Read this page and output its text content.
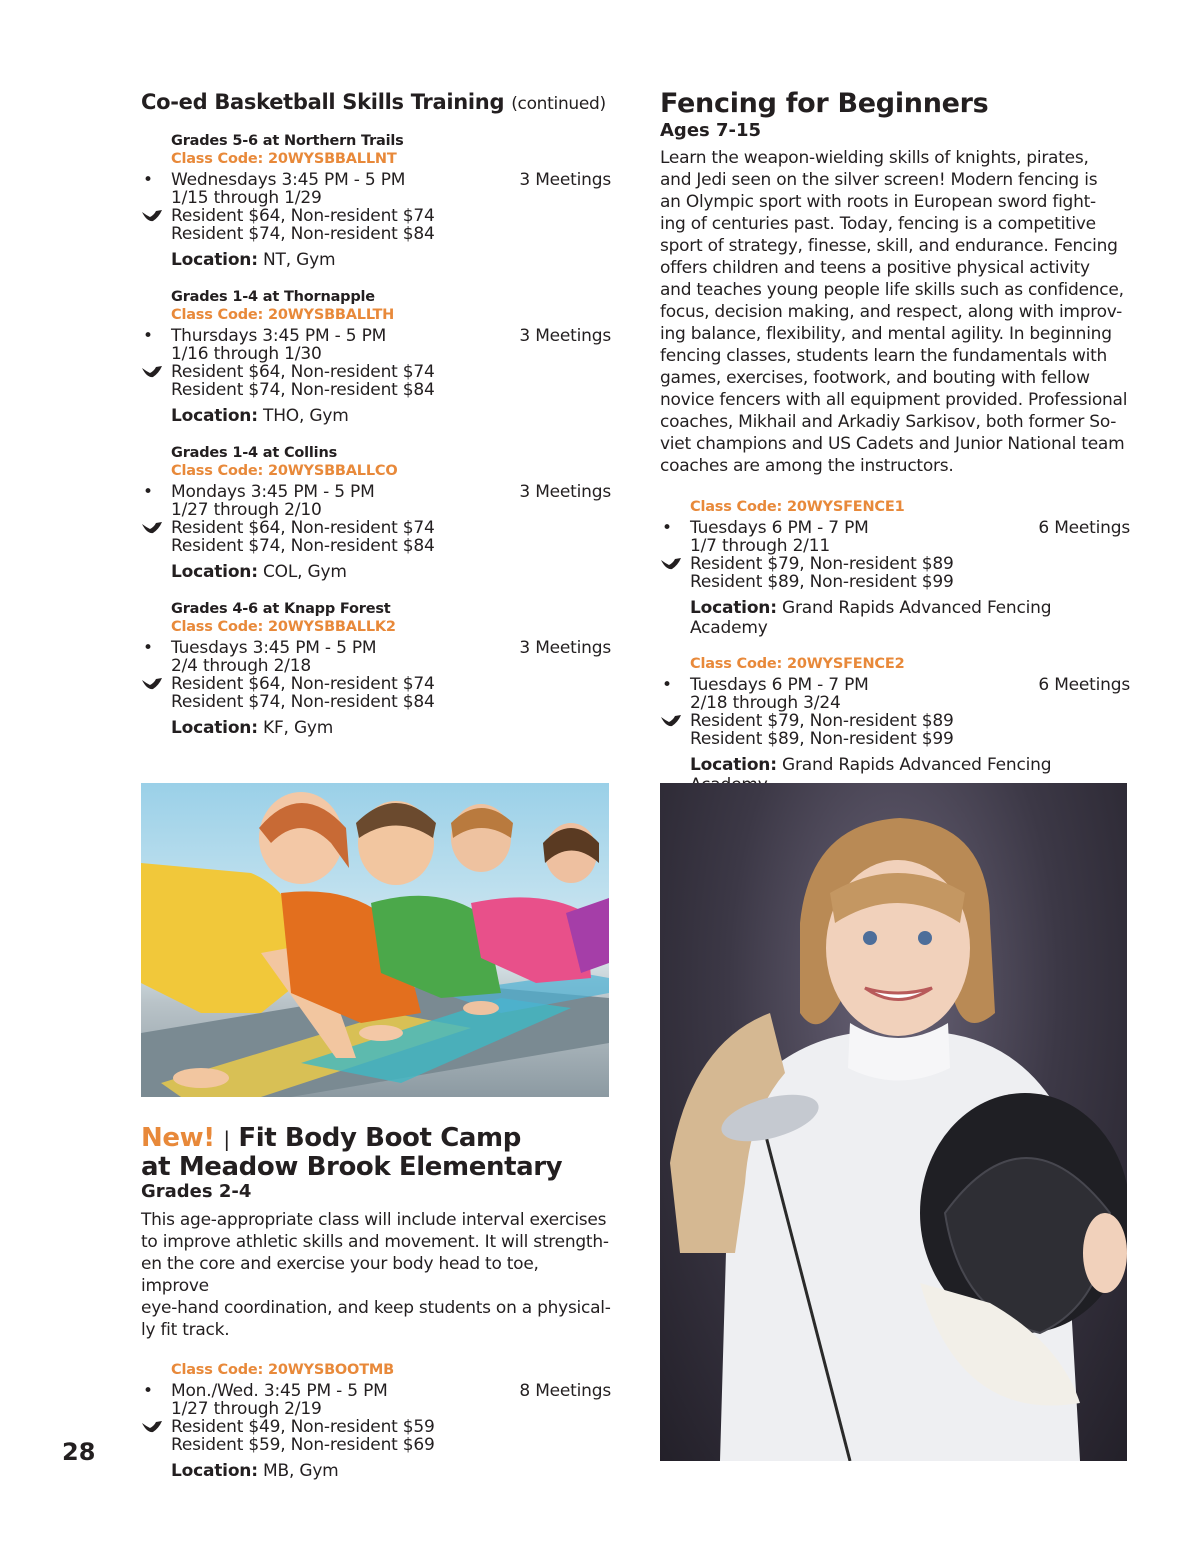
Co-ed Basketball Skills Training (continued)
Grades 5-6 at Northern Trails
Class Code: 20WYSBBALLNT
• Wednesdays 3:45 PM - 5 PM	3 Meetings
1/15 through 1/29
Resident $64, Non-resident $74
Resident $74, Non-resident $84
Location: NT, Gym
Grades 1-4 at Thornapple
Class Code: 20WYSBBALLTH
• Thursdays 3:45 PM - 5 PM	3 Meetings
1/16 through 1/30
Resident $64, Non-resident $74
Resident $74, Non-resident $84
Location: THO, Gym
Grades 1-4 at Collins
Class Code: 20WYSBBALLCO
• Mondays 3:45 PM - 5 PM	3 Meetings
1/27 through 2/10
Resident $64, Non-resident $74
Resident $74, Non-resident $84
Location: COL, Gym
Grades 4-6 at Knapp Forest
Class Code: 20WYSBBALLK2
• Tuesdays 3:45 PM - 5 PM	3 Meetings
2/4 through 2/18
Resident $64, Non-resident $74
Resident $74, Non-resident $84
Location: KF, Gym
New! | Fit Body Boot Camp
at Meadow Brook Elementary
Grades 2-4
This age-appropriate class will include interval exercises
to improve athletic skills and movement. It will strength-
en the core and exercise your body head to toe, improve
eye-hand coordination, and keep students on a physical-
ly fit track.
Class Code: 20WYSBOOTMB
• Mon./Wed. 3:45 PM - 5 PM	8 Meetings
1/27 through 2/19
Resident $49, Non-resident $59
Resident $59, Non-resident $69
Location: MB, Gym
Fencing for Beginners
Ages 7-15
Learn the weapon-wielding skills of knights, pirates,
and Jedi seen on the silver screen! Modern fencing is
an Olympic sport with roots in European sword fight-
ing of centuries past. Today, fencing is a competitive
sport of strategy, finesse, skill, and endurance. Fencing
offers children and teens a positive physical activity
and teaches young people life skills such as confidence,
focus, decision making, and respect, along with improv-
ing balance, flexibility, and mental agility. In beginning
fencing classes, students learn the fundamentals with
games, exercises, footwork, and bouting with fellow
novice fencers with all equipment provided. Professional
coaches, Mikhail and Arkadiy Sarkisov, both former So-
viet champions and US Cadets and Junior National team
coaches are among the instructors.
Class Code: 20WYSFENCE1
• Tuesdays 6 PM - 7 PM	6 Meetings
1/7 through 2/11
Resident $79, Non-resident $89
Resident $89, Non-resident $99
Location: Grand Rapids Advanced Fencing Academy
Class Code: 20WYSFENCE2
• Tuesdays 6 PM - 7 PM	6 Meetings
2/18 through 3/24
Resident $79, Non-resident $89
Resident $89, Non-resident $99
Location: Grand Rapids Advanced Fencing
28
